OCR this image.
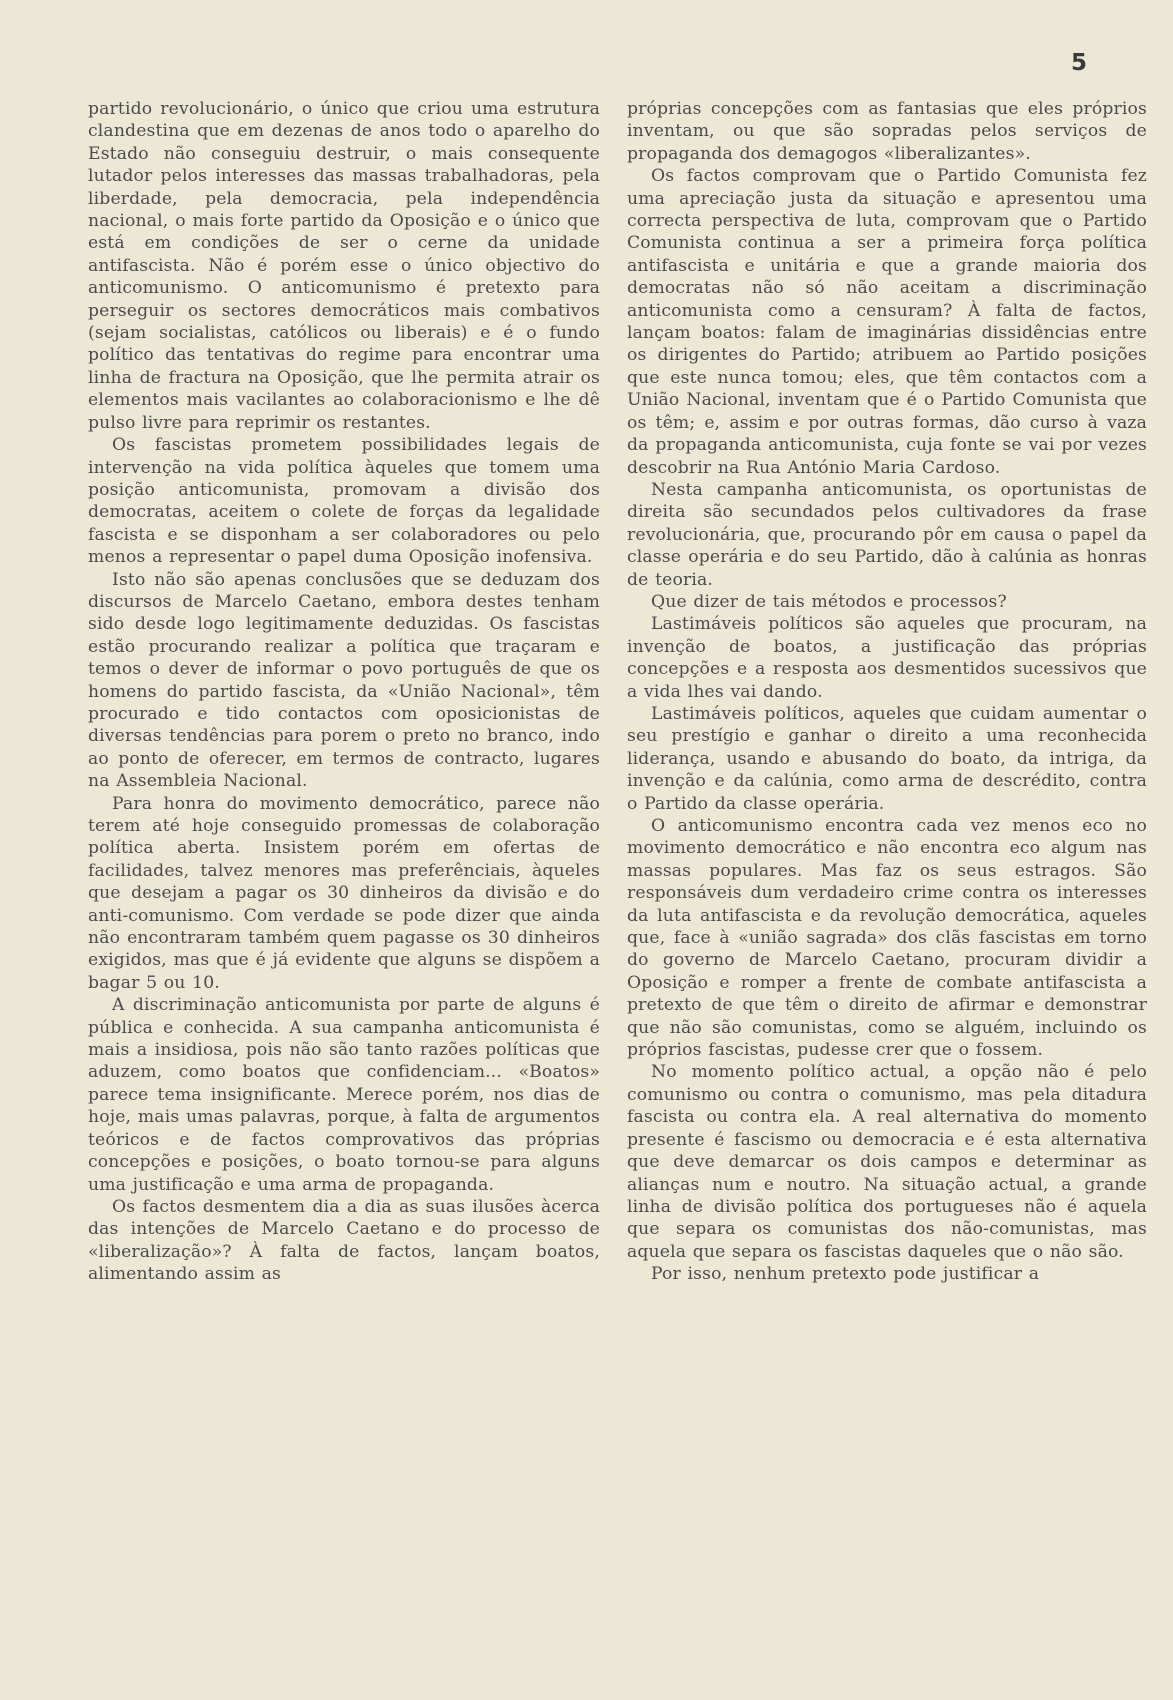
5

partido revolucionário, o único que criou uma estrutura clandestina que em dezenas de anos todo o aparelho do Estado não conseguiu destruir, o mais consequente lutador pelos interesses das massas trabalhadoras, pela liberdade, pela democracia, pela independência nacional, o mais forte partido da Oposição e o único que está em condições de ser o cerne da unidade antifascista. Não é porém esse o único objectivo do anticomunismo. O anticomunismo é pretexto para perseguir os sectores democráticos mais combativos (sejam socialistas, católicos ou liberais) e é o fundo político das tentativas do regime para encontrar uma linha de fractura na Oposição, que lhe permita atrair os elementos mais vacilantes ao colaboracionismo e lhe dê pulso livre para reprimir os restantes.

Os fascistas prometem possibilidades legais de intervenção na vida política àqueles que tomem uma posição anticomunista, promovam a divisão dos democratas, aceitem o colete de forças da legalidade fascista e se disponham a ser colaboradores ou pelo menos a representar o papel duma Oposição inofensiva.

Isto não são apenas conclusões que se deduzam dos discursos de Marcelo Caetano, embora destes tenham sido desde logo legitimamente deduzidas. Os fascistas estão procurando realizar a política que traçaram e temos o dever de informar o povo português de que os homens do partido fascista, da «União Nacional», têm procurado e tido contactos com oposicionistas de diversas tendências para porem o preto no branco, indo ao ponto de oferecer, em termos de contracto, lugares na Assembleia Nacional.

Para honra do movimento democrático, parece não terem até hoje conseguido promessas de colaboração política aberta. Insistem porém em ofertas de facilidades, talvez menores mas preferênciais, àqueles que desejam a pagar os 30 dinheiros da divisão e do anti-comunismo. Com verdade se pode dizer que ainda não encontraram também quem pagasse os 30 dinheiros exigidos, mas que é já evidente que alguns se dispõem a bagar 5 ou 10.

A discriminação anticomunista por parte de alguns é pública e conhecida. A sua campanha anticomunista é mais a insidiosa, pois não são tanto razões políticas que aduzem, como boatos que confidenciam... «Boatos» parece tema insignificante. Merece porém, nos dias de hoje, mais umas palavras, porque, à falta de argumentos teóricos e de factos comprovativos das próprias concepções e posições, o boato tornou-se para alguns uma justificação e uma arma de propaganda.

Os factos desmentem dia a dia as suas ilusões àcerca das intenções de Marcelo Caetano e do processo de «liberalização»? À falta de factos, lançam boatos, alimentando assim as

próprias concepções com as fantasias que eles próprios inventam, ou que são sopradas pelos serviços de propaganda dos demagogos «liberalizantes».

Os factos comprovam que o Partido Comunista fez uma apreciação justa da situação e apresentou uma correcta perspectiva de luta, comprovam que o Partido Comunista continua a ser a primeira força política antifascista e unitária e que a grande maioria dos democratas não só não aceitam a discriminação anticomunista como a censuram? À falta de factos, lançam boatos: falam de imaginárias dissidências entre os dirigentes do Partido; atribuem ao Partido posições que este nunca tomou; eles, que têm contactos com a União Nacional, inventam que é o Partido Comunista que os têm; e, assim e por outras formas, dão curso à vaza da propaganda anticomunista, cuja fonte se vai por vezes descobrir na Rua António Maria Cardoso.

Nesta campanha anticomunista, os oportunistas de direita são secundados pelos cultivadores da frase revolucionária, que, procurando pôr em causa o papel da classe operária e do seu Partido, dão à calúnia as honras de teoria.

Que dizer de tais métodos e processos?

Lastimáveis políticos são aqueles que procuram, na invenção de boatos, a justificação das próprias concepções e a resposta aos desmentidos sucessivos que a vida lhes vai dando.

Lastimáveis políticos, aqueles que cuidam aumentar o seu prestígio e ganhar o direito a uma reconhecida liderança, usando e abusando do boato, da intriga, da invenção e da calúnia, como arma de descrédito, contra o Partido da classe operária.

O anticomunismo encontra cada vez menos eco no movimento democrático e não encontra eco algum nas massas populares. Mas faz os seus estragos. São responsáveis dum verdadeiro crime contra os interesses da luta antifascista e da revolução democrática, aqueles que, face à «união sagrada» dos clãs fascistas em torno do governo de Marcelo Caetano, procuram dividir a Oposição e romper a frente de combate antifascista a pretexto de que têm o direito de afirmar e demonstrar que não são comunistas, como se alguém, incluindo os próprios fascistas, pudesse crer que o fossem.

No momento político actual, a opção não é pelo comunismo ou contra o comunismo, mas pela ditadura fascista ou contra ela. A real alternativa do momento presente é fascismo ou democracia e é esta alternativa que deve demarcar os dois campos e determinar as alianças num e noutro. Na situação actual, a grande linha de divisão política dos portugueses não é aquela que separa os comunistas dos não-comunistas, mas aquela que separa os fascistas daqueles que o não são.

Por isso, nenhum pretexto pode justificar a
